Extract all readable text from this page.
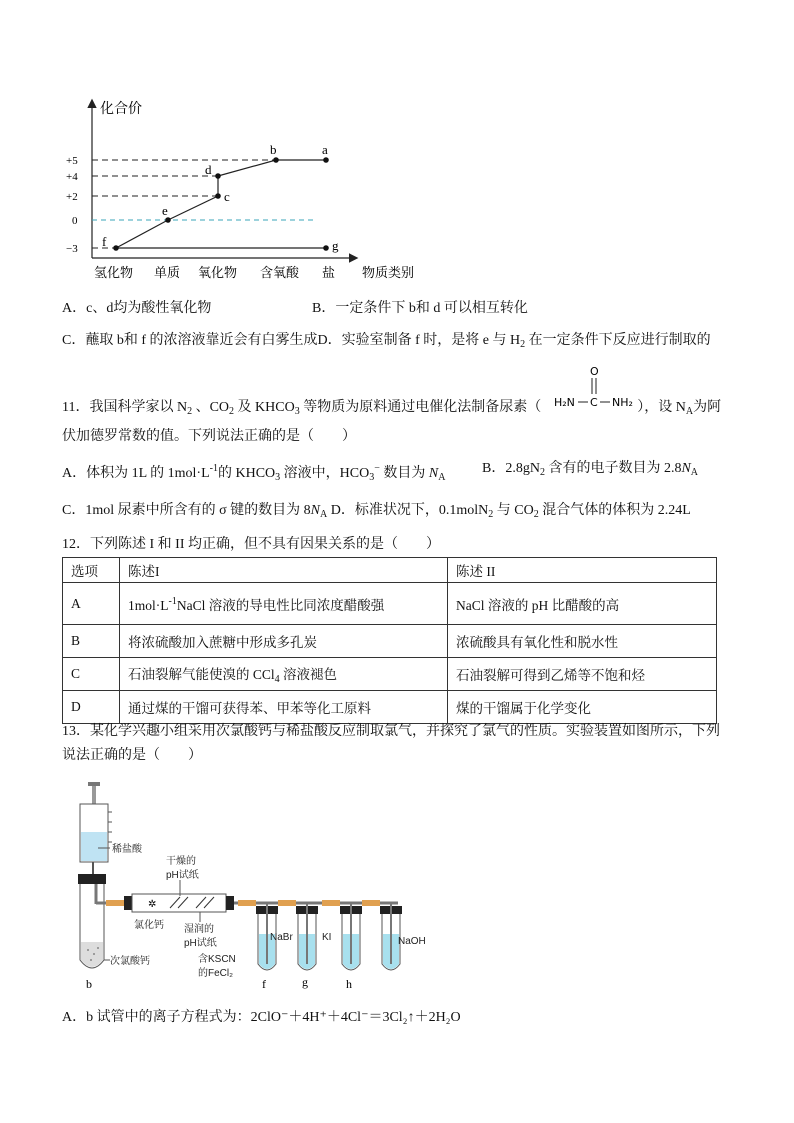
化合价
+5
+4
+2
0
−3 f
e
c
d
b	a
g
氢化物 单质 氧化物 含氧酸 盐 物质类别
A．c、d均为酸性氧化物	B．一定条件下 b和 d 可以相互转化
C．蘸取 b和 f 的浓溶液靠近会有白雾生成D．实验室制备 f 时，是将 e 与 $H_2$ 在一定条件下反应进行制取的
11．我国科学家以 $N_2$ 、$CO_2$ 及 $KHCO_3$ 等物质为原料通过电催化法制备尿素（	），设 $N_A$为阿
O
C
H₂N	NH₂
伏加德罗常数的值。下列说法正确的是（　　）
A．体积为 1L 的 $1mol\cdot L^{-1}$的 $KHCO_3$ 溶液中，$HCO_3^-$ 数目为 $N_A$
B．$2.8gN_2$ 含有的电子数目为 $2.8N_A$
C．1mol 尿素中所含有的 σ 键的数目为 $8N_A$ D．标准状况下，0.1molN$_2$ 与 $CO_2$ 混合气体的体积为 2.24L
12．下列陈述 I 和 II 均正确，但不具有因果关系的是（　　）
选项	陈述I	陈述 II
A	$1mol\cdot L^{-1}NaCl$ 溶液的导电性比同浓度醋酸强	NaCl 溶液的 pH 比醋酸的高
B	将浓硫酸加入蔗糖中形成多孔炭	浓硫酸具有氧化性和脱水性
C	石油裂解气能使溴的 CCl$_4$ 溶液褪色	石油裂解可得到乙烯等不饱和烃
D	通过煤的干馏可获得苯、甲苯等化工原料	煤的干馏属于化学变化
13．某化学兴趣小组采用次氯酸钙与稀盐酸反应制取氯气，并探究了氯气的性质。实验装置如图所示，下列
说法正确的是（　　）
稀盐酸
次氯酸钙
b
✲
干燥的
pH试纸
氯化钙 湿润的
pH试纸
含KSCN
的FeCl₂
f
NaBr
g
KI
h
NaOH
A．b 试管中的离子方程式为：2ClO⁻＋4H⁺＋4Cl⁻＝3Cl₂↑＋2H₂O
